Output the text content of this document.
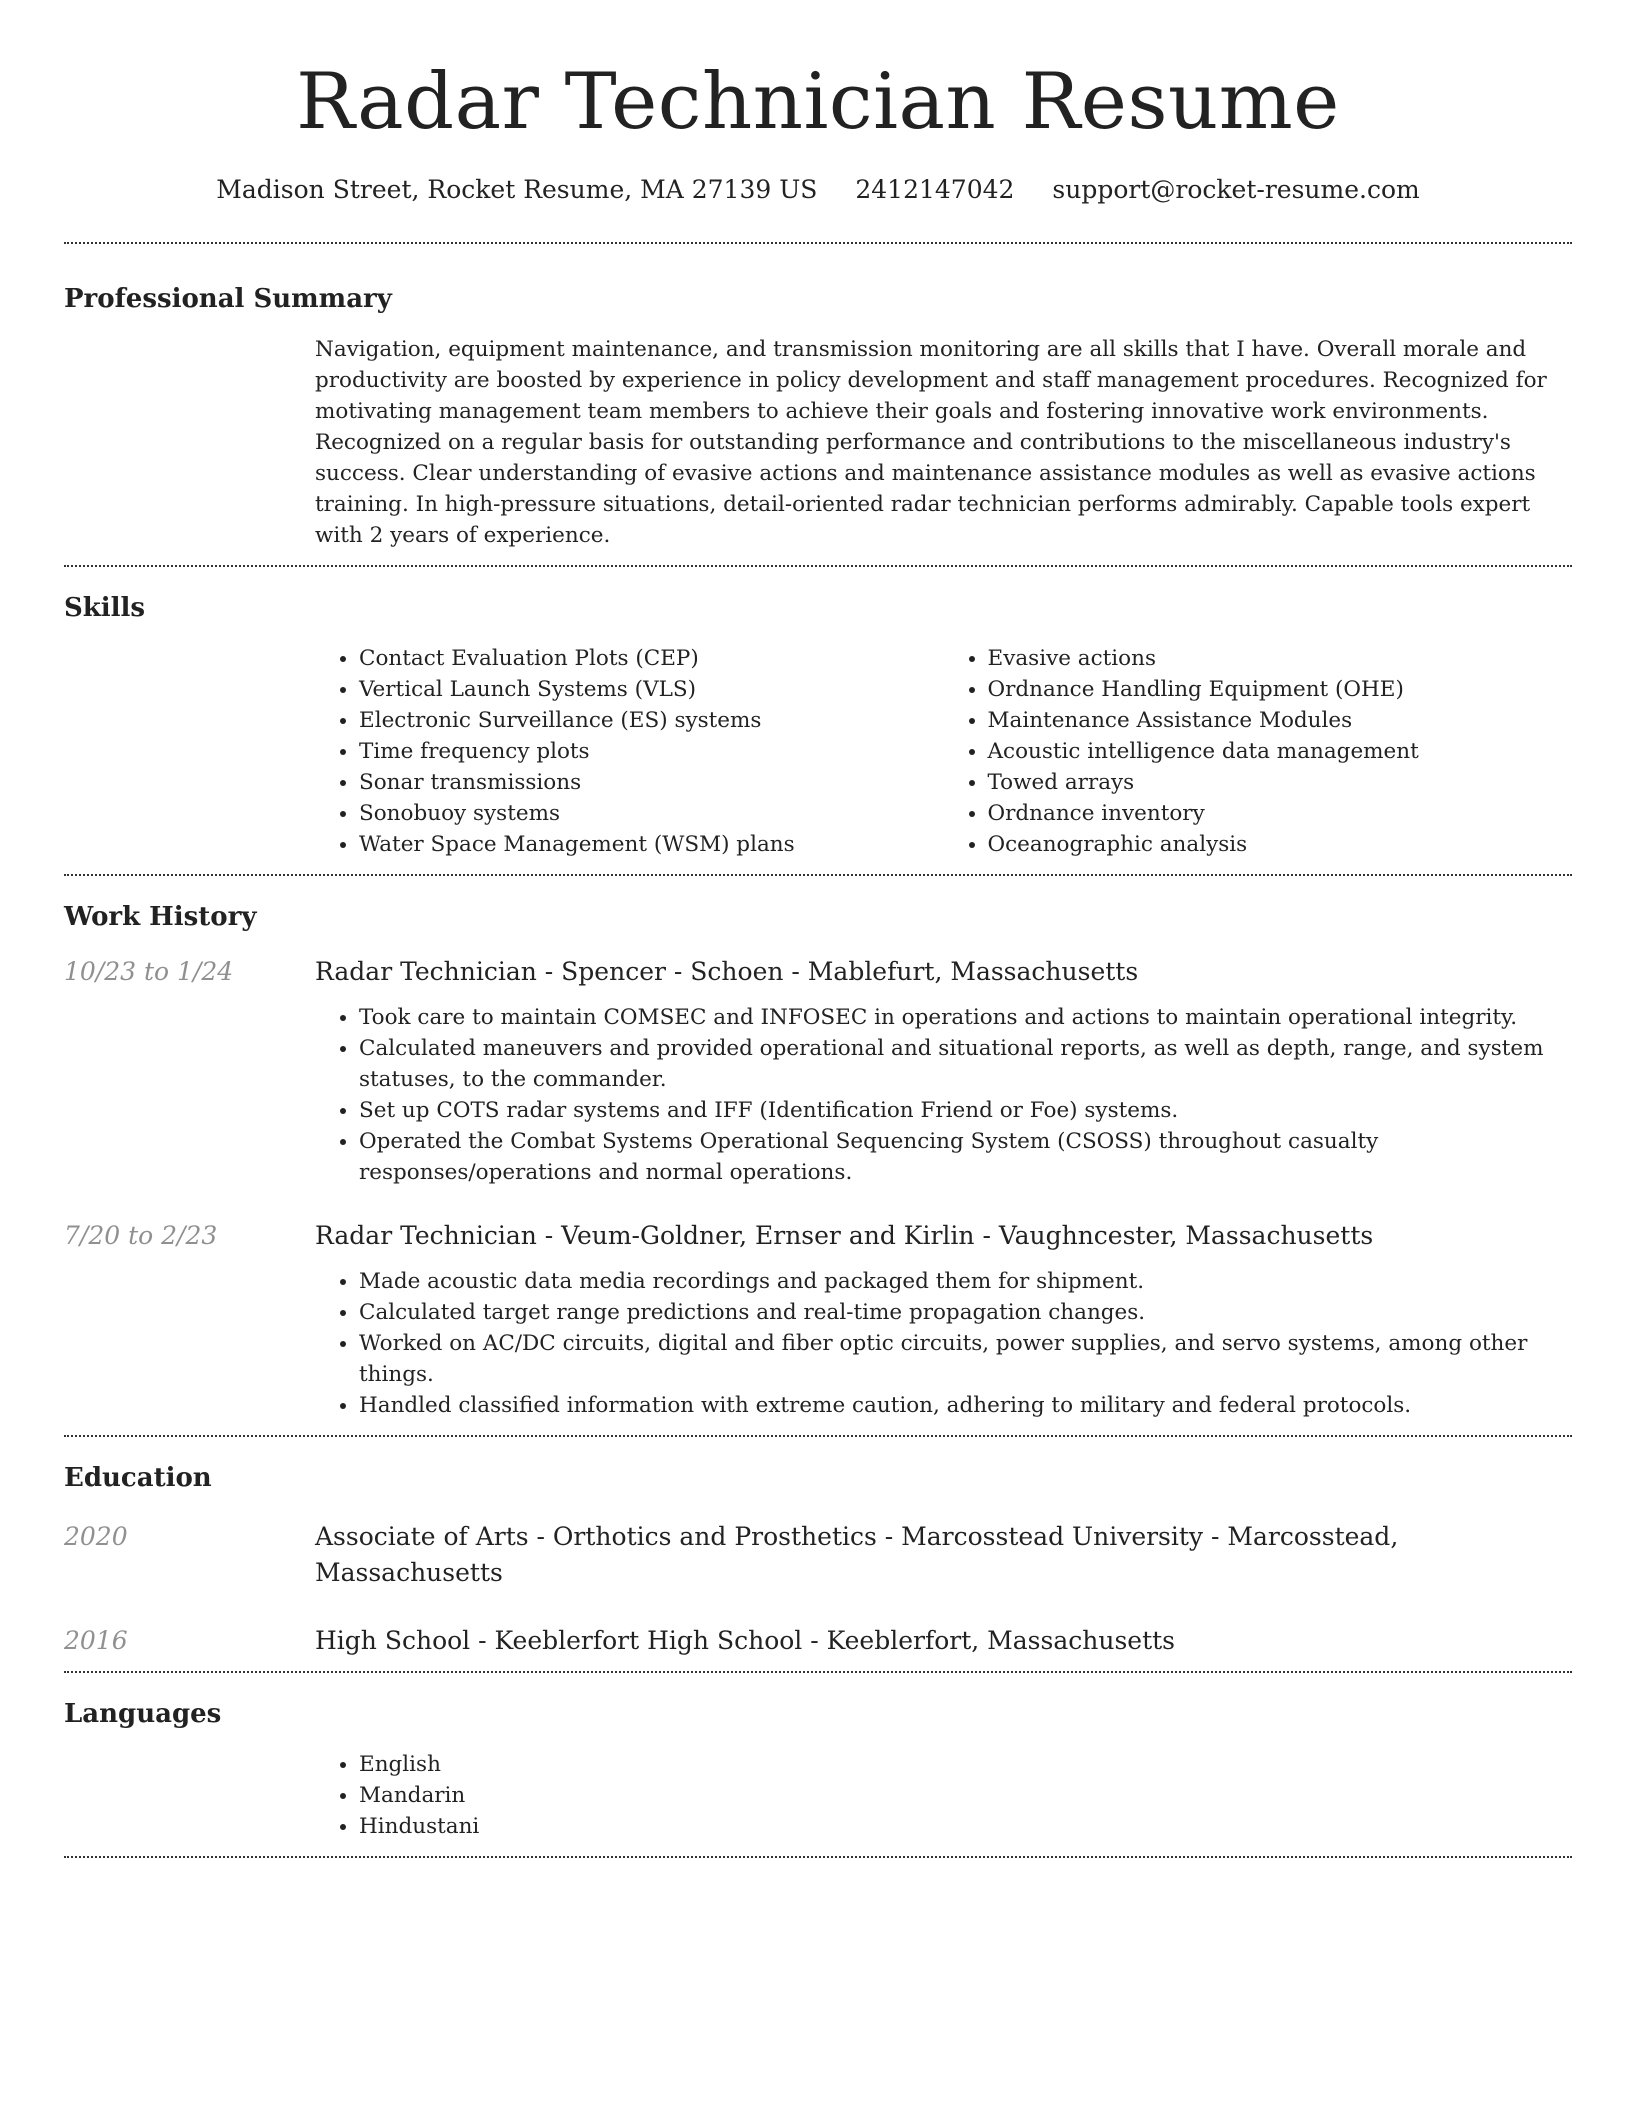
Radar Technician Resume
Madison Street, Rocket Resume, MA 27139 US 2412147042 support@rocket-resume.com
Professional Summary
Navigation, equipment maintenance, and transmission monitoring are all skills that I have. Overall morale and productivity are boosted by experience in policy development and staff management procedures. Recognized for motivating management team members to achieve their goals and fostering innovative work environments. Recognized on a regular basis for outstanding performance and contributions to the miscellaneous industry's success. Clear understanding of evasive actions and maintenance assistance modules as well as evasive actions training. In high-pressure situations, detail-oriented radar technician performs admirably. Capable tools expert with 2 years of experience.
Skills
• Contact Evaluation Plots (CEP)
• Vertical Launch Systems (VLS)
• Electronic Surveillance (ES) systems
• Time frequency plots
• Sonar transmissions
• Sonobuoy systems
• Water Space Management (WSM) plans
• Evasive actions
• Ordnance Handling Equipment (OHE)
• Maintenance Assistance Modules
• Acoustic intelligence data management
• Towed arrays
• Ordnance inventory
• Oceanographic analysis
Work History
10/23 to 1/24	Radar Technician - Spencer - Schoen - Mablefurt, Massachusetts
• Took care to maintain COMSEC and INFOSEC in operations and actions to maintain operational integrity.
• Calculated maneuvers and provided operational and situational reports, as well as depth, range, and system statuses, to the commander.
• Set up COTS radar systems and IFF (Identification Friend or Foe) systems.
• Operated the Combat Systems Operational Sequencing System (CSOSS) throughout casualty responses/operations and normal operations.
7/20 to 2/23	Radar Technician - Veum-Goldner, Ernser and Kirlin - Vaughncester, Massachusetts
• Made acoustic data media recordings and packaged them for shipment.
• Calculated target range predictions and real-time propagation changes.
• Worked on AC/DC circuits, digital and fiber optic circuits, power supplies, and servo systems, among other things.
• Handled classified information with extreme caution, adhering to military and federal protocols.
Education
2020	Associate of Arts - Orthotics and Prosthetics - Marcosstead University - Marcosstead, Massachusetts
2016	High School - Keeblerfort High School - Keeblerfort, Massachusetts
Languages
• English
• Mandarin
• Hindustani
